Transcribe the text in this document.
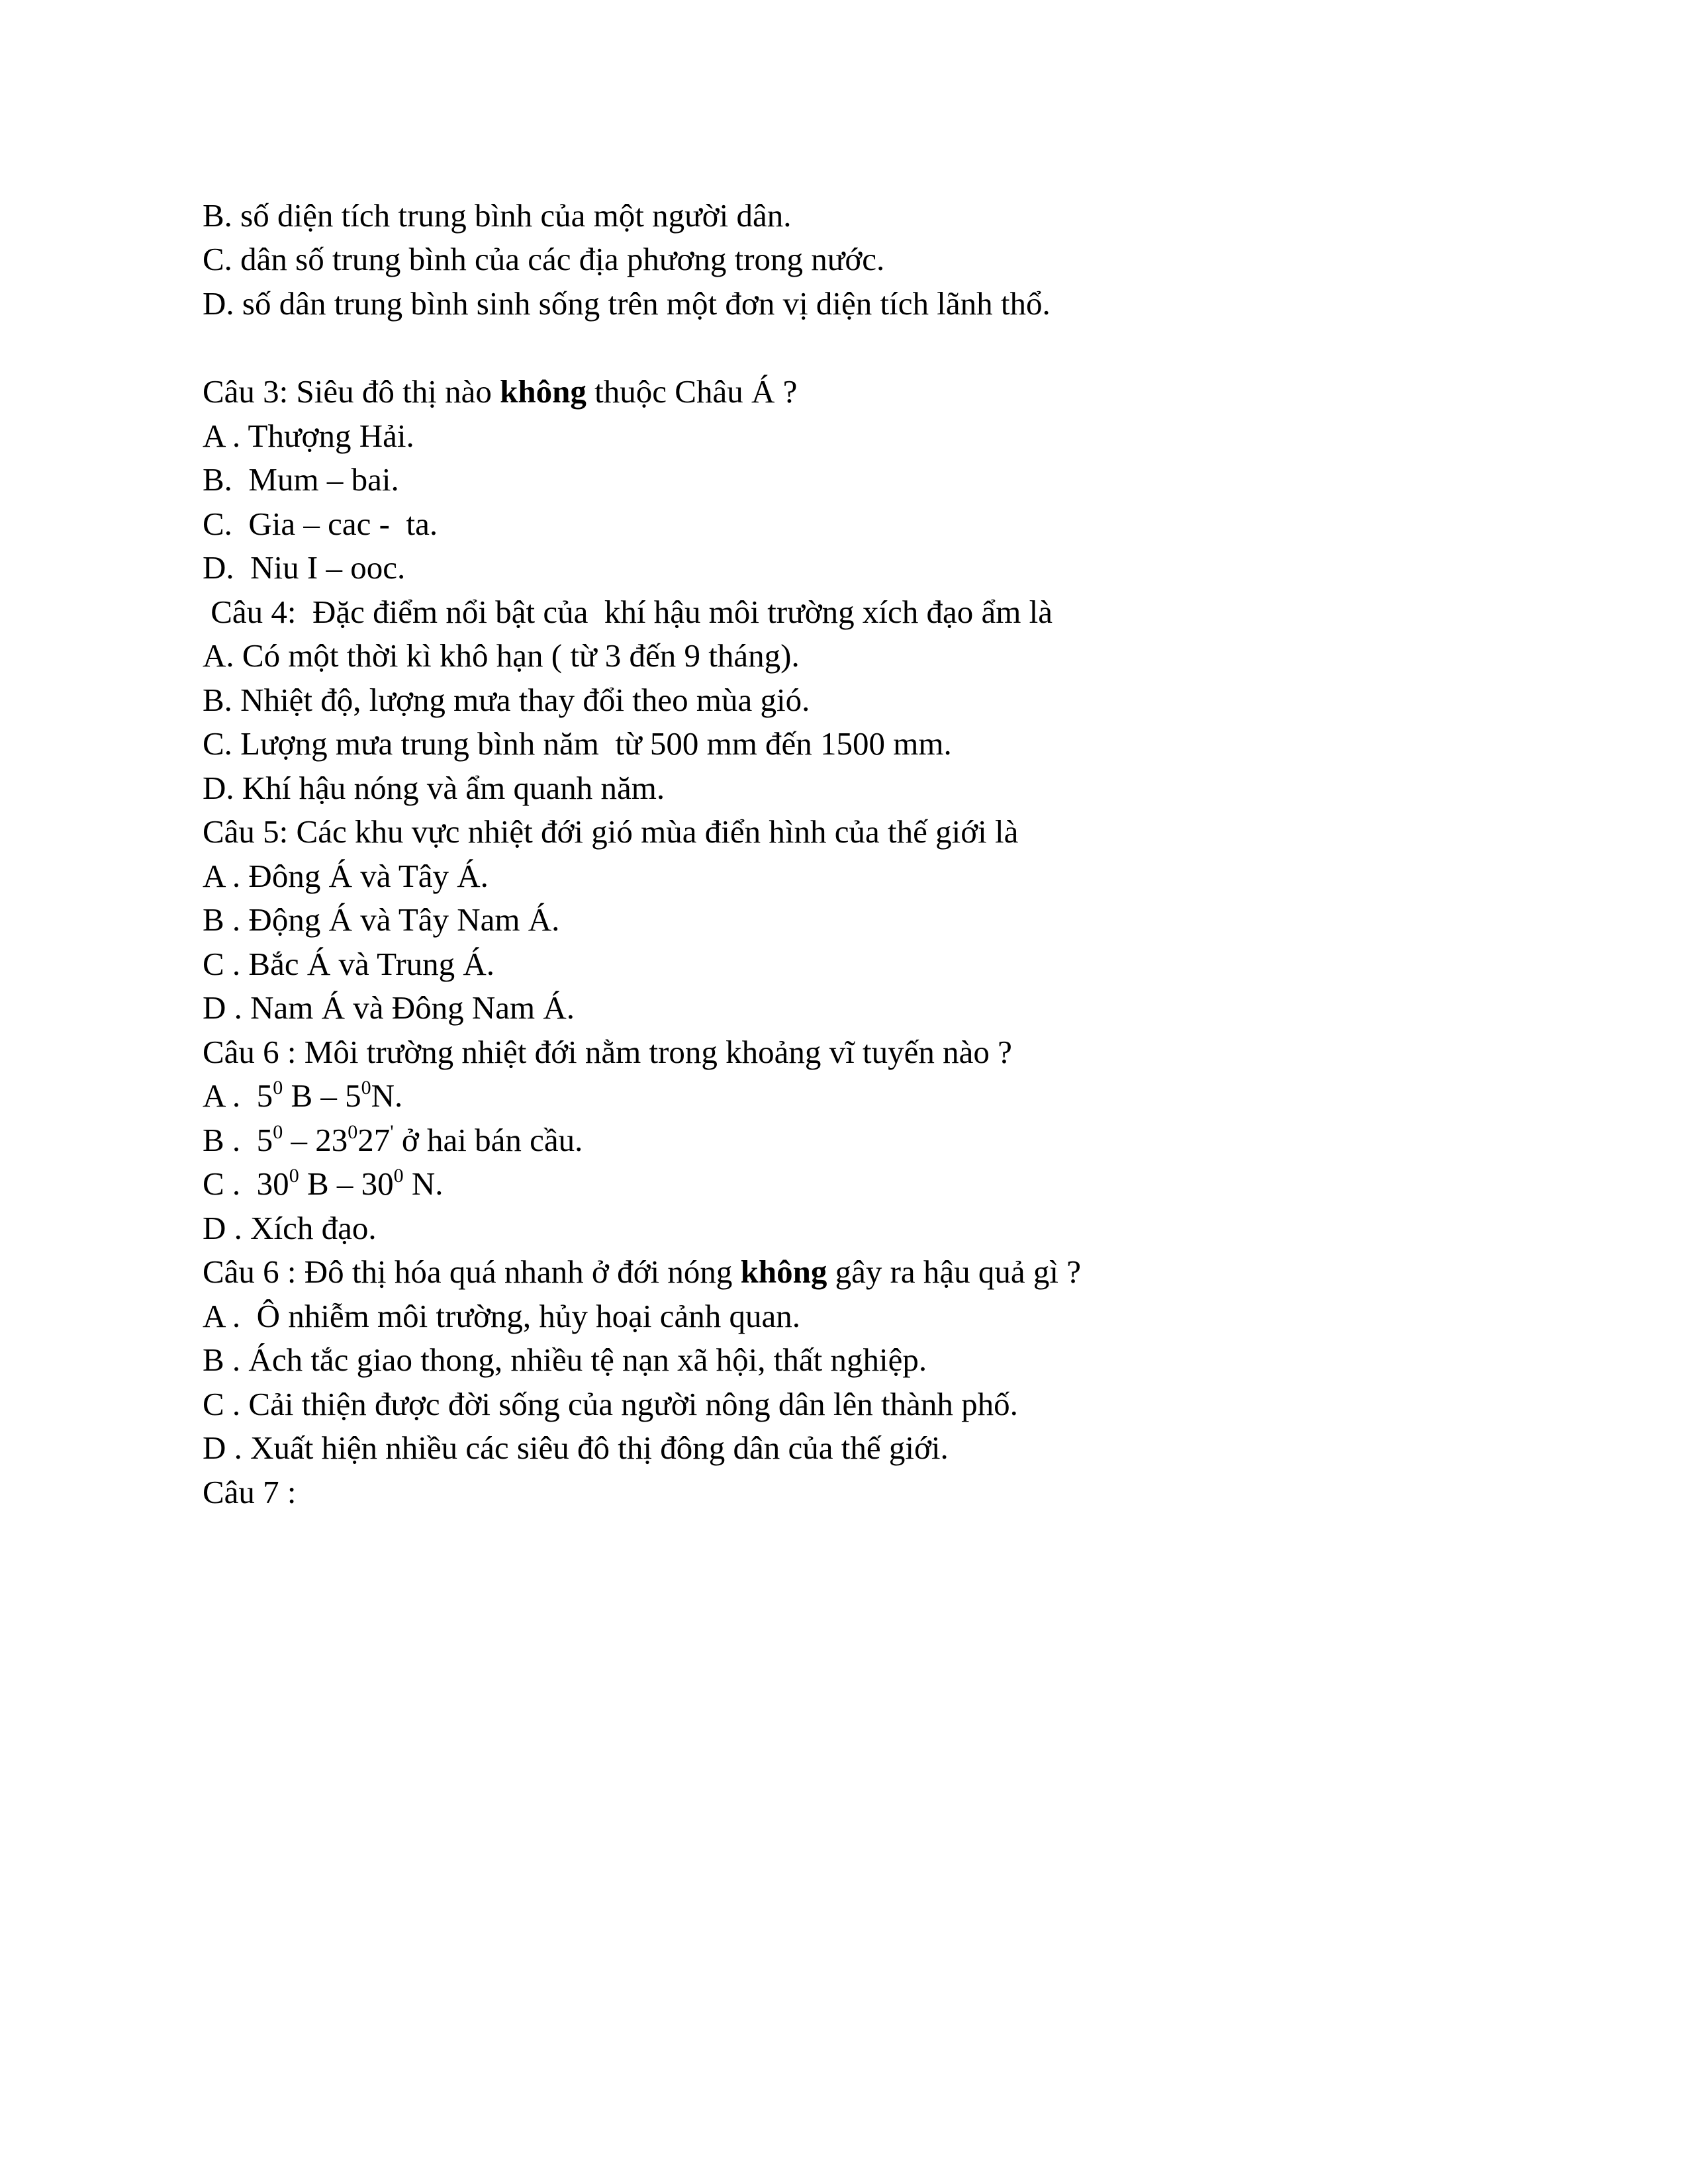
B. số diện tích trung bình của một người dân.

C. dân số trung bình của các địa phương trong nước.

D. số dân trung bình sinh sống trên một đơn vị diện tích lãnh thổ.

Câu 3: Siêu đô thị nào không thuộc Châu Á ?

A . Thượng Hải.

B.  Mum – bai.

C.  Gia – cac -  ta.

D.  Niu I – ooc.

Câu 4:  Đặc điểm nổi bật của  khí hậu môi trường xích đạo ẩm là

A. Có một thời kì khô hạn ( từ 3 đến 9 tháng).

B. Nhiệt độ, lượng mưa thay đổi theo mùa gió.

C. Lượng mưa trung bình năm  từ 500 mm đến 1500 mm.

D. Khí hậu nóng và ẩm quanh năm.

Câu 5: Các khu vực nhiệt đới gió mùa điển hình của thế giới là

A . Đông Á và Tây Á.

B . Động Á và Tây Nam Á.

C . Bắc Á và Trung Á.

D . Nam Á và Đông Nam Á.

Câu 6 : Môi trường nhiệt đới nằm trong khoảng vĩ tuyến nào ?

A .  $5^0$ B – $5^0N$.

B .  $5^0 - 23^027'$ ở hai bán cầu.

C .  $30^0$ B – $30^0$ N.

D . Xích đạo.

Câu 6 : Đô thị hóa quá nhanh ở đới nóng không gây ra hậu quả gì ?

A .  Ô nhiễm môi trường, hủy hoại cảnh quan.

B . Ách tắc giao thong, nhiều tệ nạn xã hội, thất nghiệp.

C . Cải thiện được đời sống của người nông dân lên thành phố.

D . Xuất hiện nhiều các siêu đô thị đông dân của thế giới.

Câu 7 :
